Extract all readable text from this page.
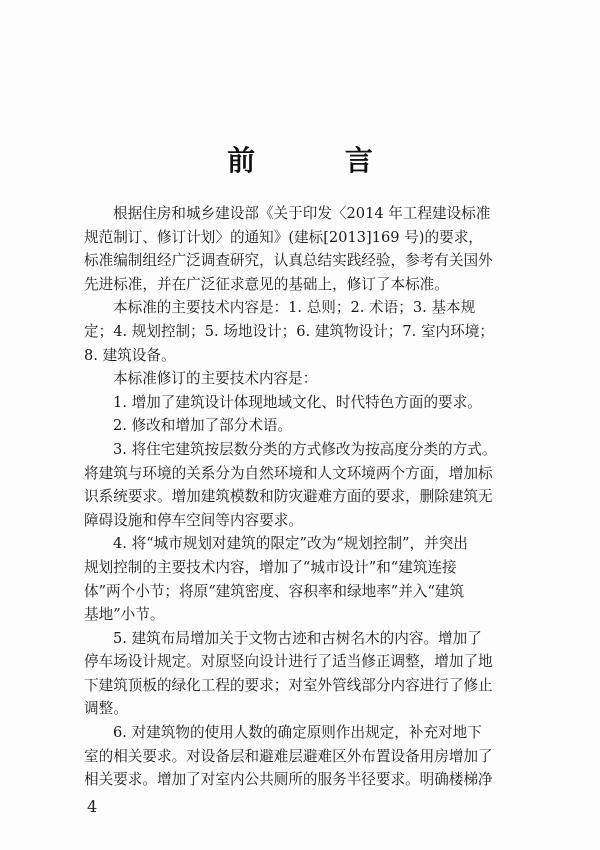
前 言
根据住房和城乡建设部《关于印发〈2014 年工程建设标准
规范制订、修订计划〉的通知》(建标[2013]169 号)的要求，
标准编制组经广泛调查研究，认真总结实践经验，参考有关国外
先进标准，并在广泛征求意见的基础上，修订了本标准。
本标准的主要技术内容是：1. 总则；2. 术语；3. 基本规
定；4. 规划控制；5. 场地设计；6. 建筑物设计；7. 室内环境；
8. 建筑设备。
本标准修订的主要技术内容是：
1. 增加了建筑设计体现地域文化、时代特色方面的要求。
2. 修改和增加了部分术语。
3. 将住宅建筑按层数分类的方式修改为按高度分类的方式。
将建筑与环境的关系分为自然环境和人文环境两个方面，增加标
识系统要求。增加建筑模数和防灾避难方面的要求，删除建筑无
障碍设施和停车空间等内容要求。
4. 将“城市规划对建筑的限定”改为“规划控制”，并突出
规划控制的主要技术内容，增加了“城市设计”和“建筑连接
体”两个小节；将原“建筑密度、容积率和绿地率”并入“建筑
基地”小节。
5. 建筑布局增加关于文物古迹和古树名木的内容。增加了
停车场设计规定。对原竖向设计进行了适当修正调整，增加了地
下建筑顶板的绿化工程的要求；对室外管线部分内容进行了修止
调整。
6. 对建筑物的使用人数的确定原则作出规定，补充对地下
室的相关要求。对设备层和避难层避难区外布置设备用房增加了
相关要求。增加了对室内公共厕所的服务半径要求。明确楼梯净
4
